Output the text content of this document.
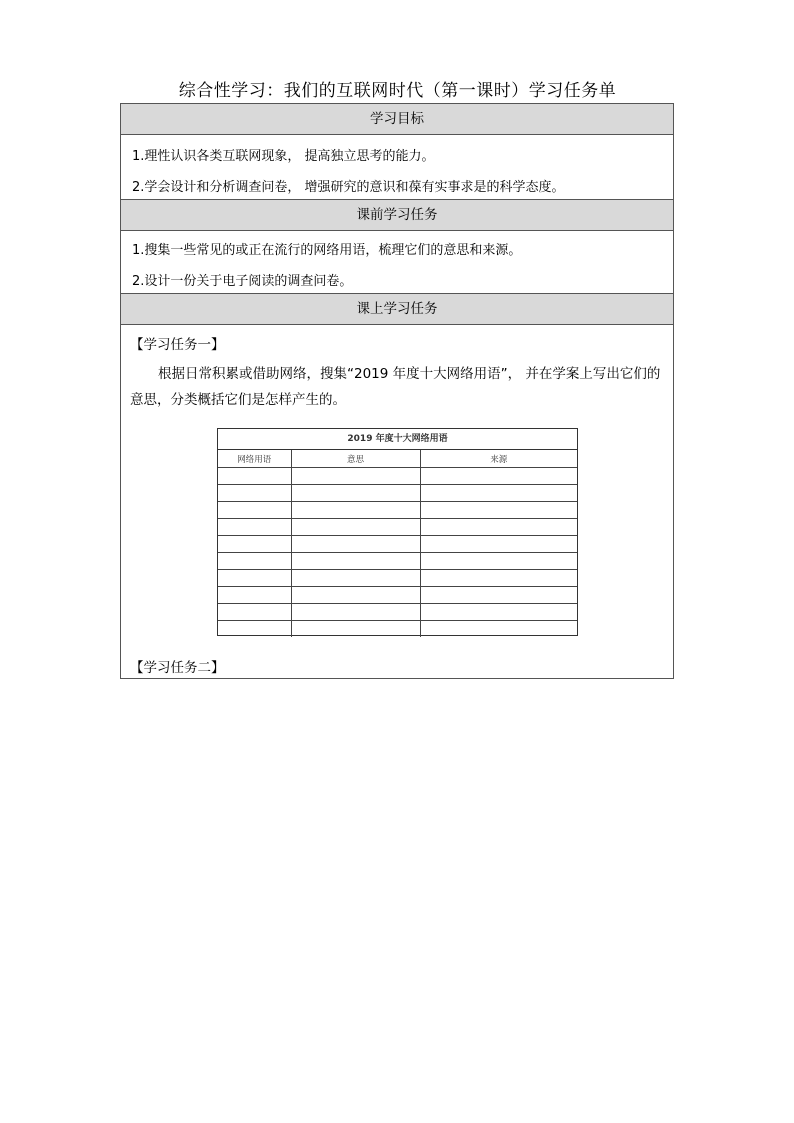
综合性学习：我们的互联网时代（第一课时）学习任务单
学习目标
1.理性认识各类互联网现象， 提高独立思考的能力。
2.学会设计和分析调查问卷， 增强研究的意识和葆有实事求是的科学态度。
课前学习任务
1.搜集一些常见的或正在流行的网络用语，梳理它们的意思和来源。
2.设计一份关于电子阅读的调查问卷。
课上学习任务
【学习任务一】
根据日常积累或借助网络，搜集“2019 年度十大网络用语”， 并在学案上写出它们的意思，分类概括它们是怎样产生的。
2019 年度十大网络用语
网络用语	意思	来源

【学习任务二】
